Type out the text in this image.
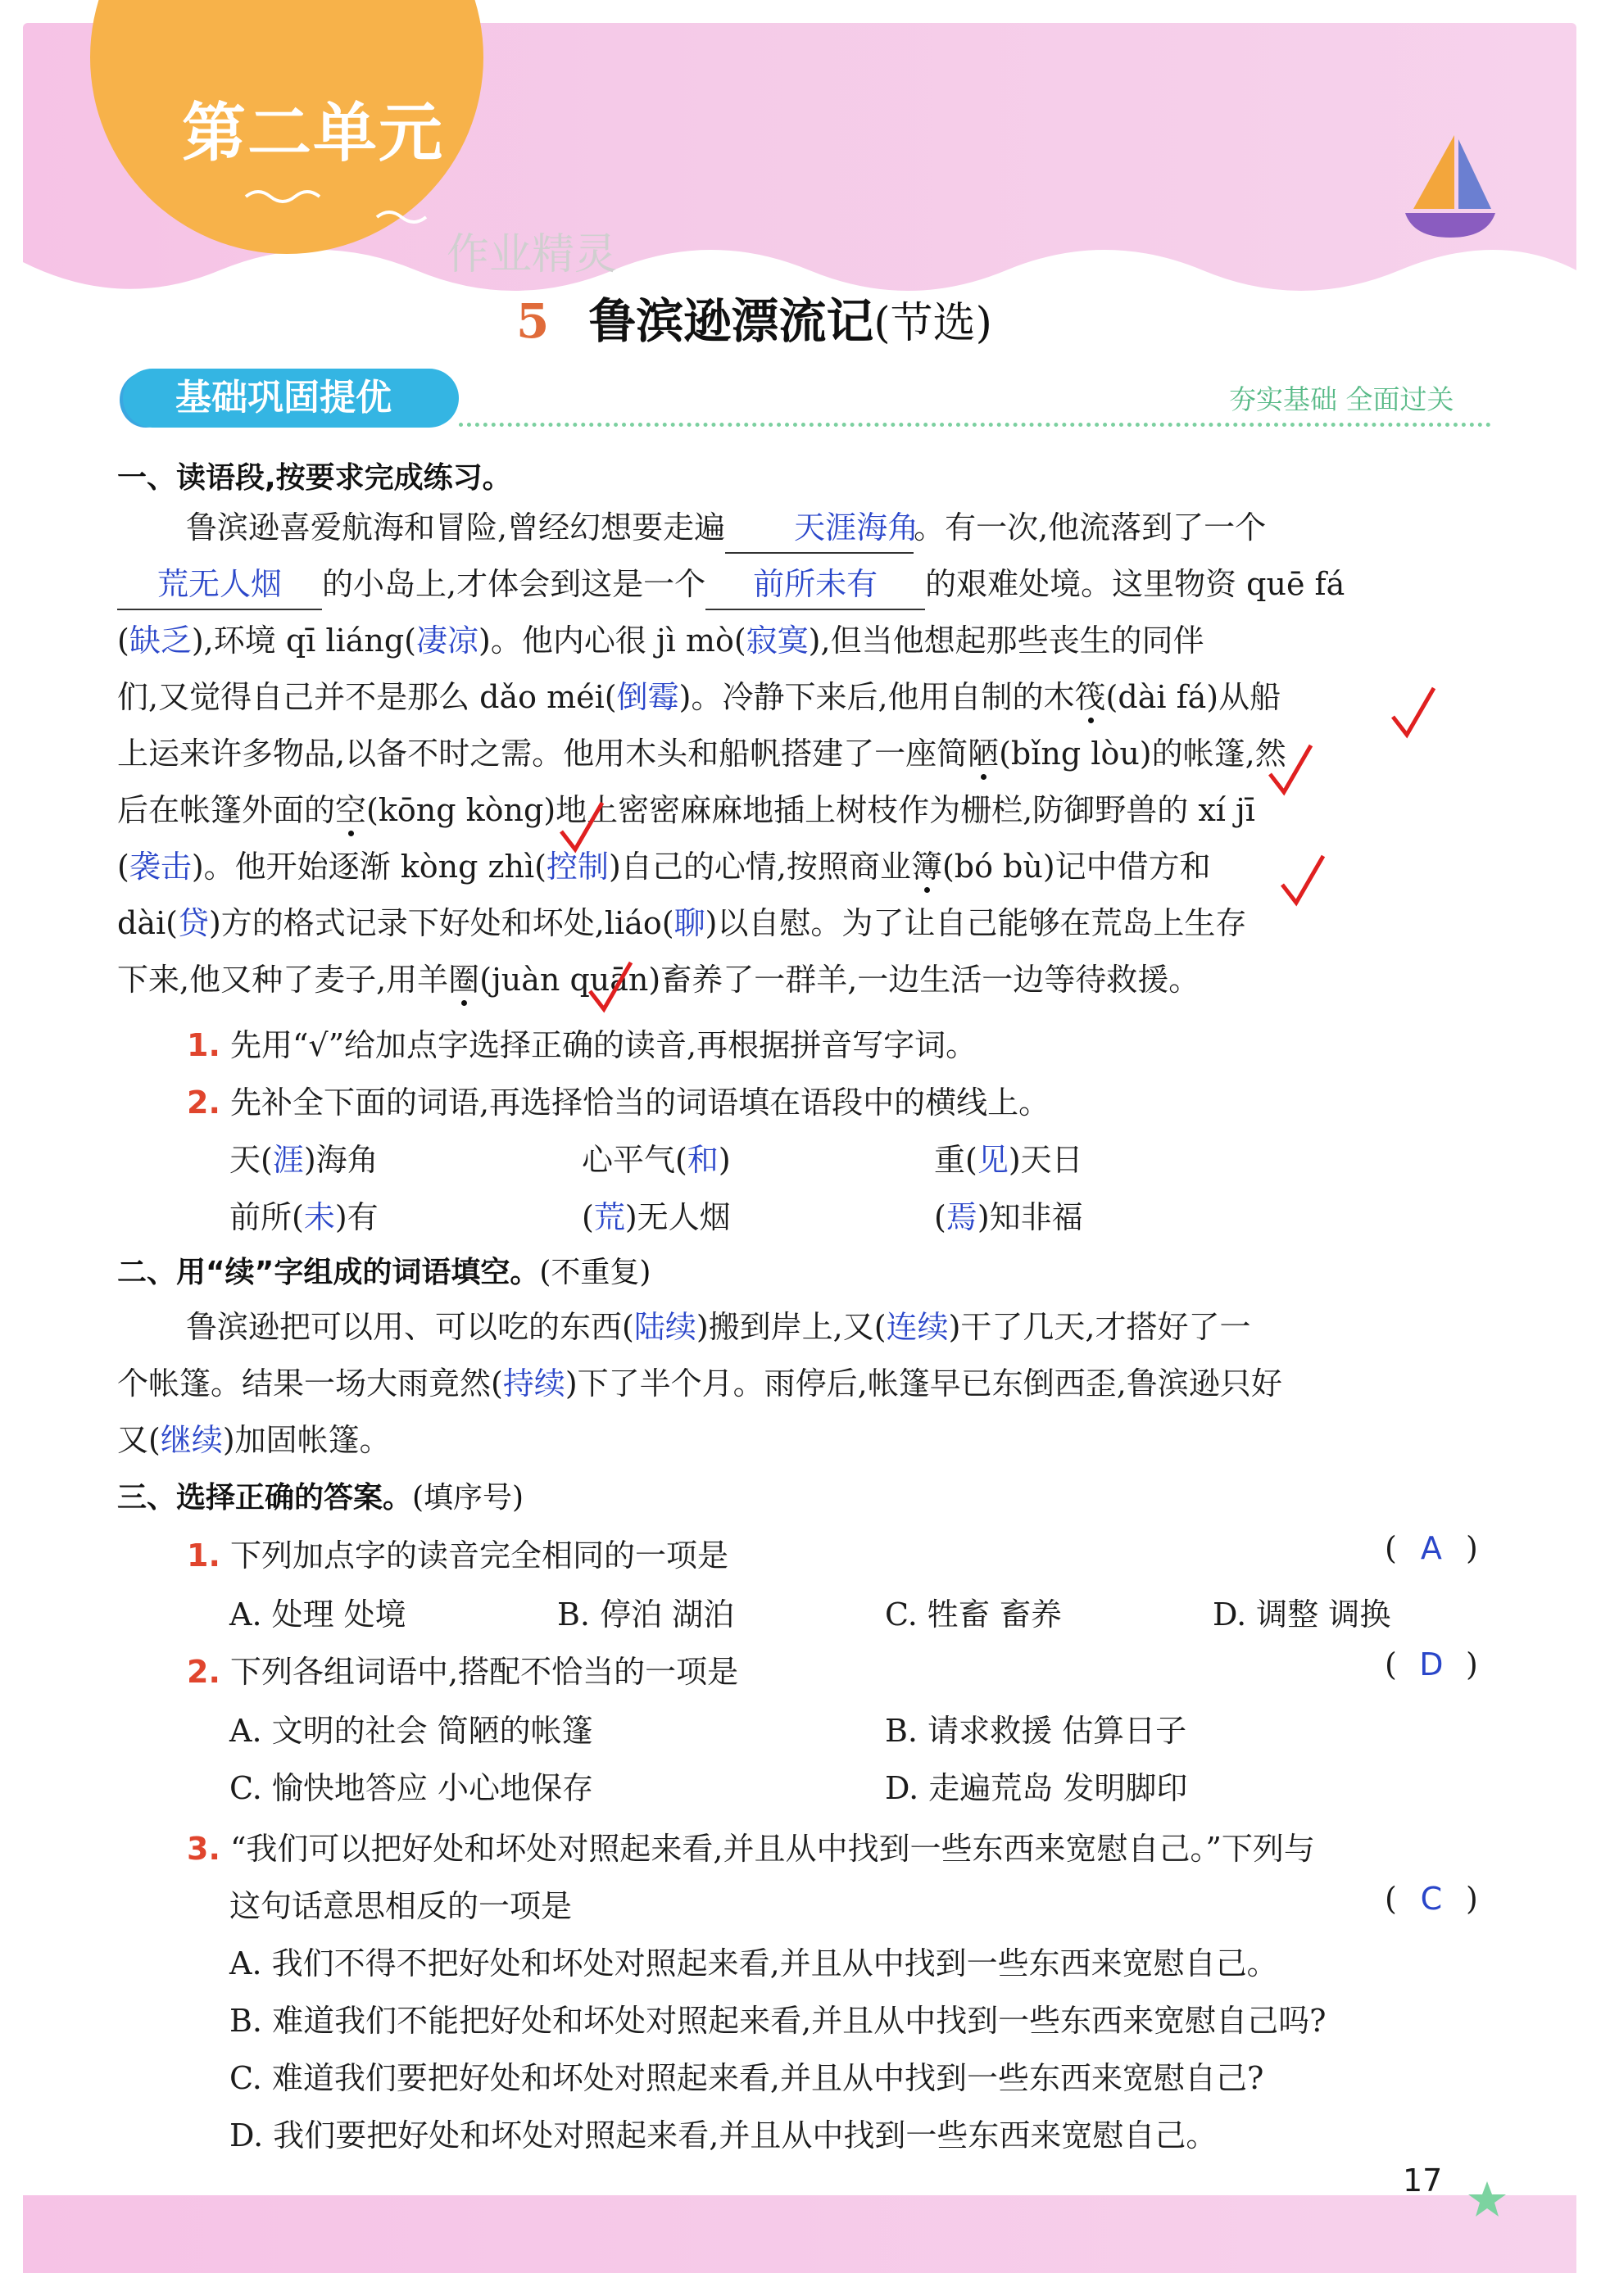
第二单元
作业精灵
5 鲁滨逊漂流记(节选)
基础巩固提优	夯实基础 全面过关
一、读语段,按要求完成练习。
鲁滨逊喜爱航海和冒险,曾经幻想要走遍 天涯海角。有一次,他流落到了一个
荒无人烟 的小岛上,才体会到这是一个 前所未有 的艰难处境。这里物资 quē fá
(缺乏),环境 qī liáng(凄凉)。他内心很 jì mò(寂寞),但当他想起那些丧生的同伴
们,又觉得自己并不是那么 dǎo méi(倒霉)。冷静下来后,他用自制的木筏(dài fá)从船
上运来许多物品,以备不时之需。他用木头和船帆搭建了一座简陋(bǐng lòu)的帐篷,然
后在帐篷外面的空(kōng kòng)地上密密麻麻地插上树枝作为栅栏,防御野兽的 xí jī
(袭击)。他开始逐渐 kòng zhì(控制)自己的心情,按照商业簿(bó bù)记中借方和
dài(贷)方的格式记录下好处和坏处,liáo(聊)以自慰。为了让自己能够在荒岛上生存
下来,他又种了麦子,用羊圈(juàn quān)畜养了一群羊,一边生活一边等待救援。
1. 先用“√”给加点字选择正确的读音,再根据拼音写字词。
2. 先补全下面的词语,再选择恰当的词语填在语段中的横线上。
天(涯)海角	心平气(和)	重(见)天日
前所(未)有	(荒)无人烟	(焉)知非福
二、用“续”字组成的词语填空。(不重复)
鲁滨逊把可以用、可以吃的东西(陆续)搬到岸上,又(连续)干了几天,才搭好了一
个帐篷。结果一场大雨竟然(持续)下了半个月。雨停后,帐篷早已东倒西歪,鲁滨逊只好
又(继续)加固帐篷。
三、选择正确的答案。(填序号)
1. 下列加点字的读音完全相同的一项是	( A )
A. 处理 处境	B. 停泊 湖泊	C. 牲畜 畜养	D. 调整 调换
2. 下列各组词语中,搭配不恰当的一项是	( D )
A. 文明的社会 简陋的帐篷	B. 请求救援 估算日子
C. 愉快地答应 小心地保存	D. 走遍荒岛 发明脚印
3. “我们可以把好处和坏处对照起来看,并且从中找到一些东西来宽慰自己。”下列与
这句话意思相反的一项是	( C )
A. 我们不得不把好处和坏处对照起来看,并且从中找到一些东西来宽慰自己。
B. 难道我们不能把好处和坏处对照起来看,并且从中找到一些东西来宽慰自己吗?
C. 难道我们要把好处和坏处对照起来看,并且从中找到一些东西来宽慰自己?
D. 我们要把好处和坏处对照起来看,并且从中找到一些东西来宽慰自己。
17
